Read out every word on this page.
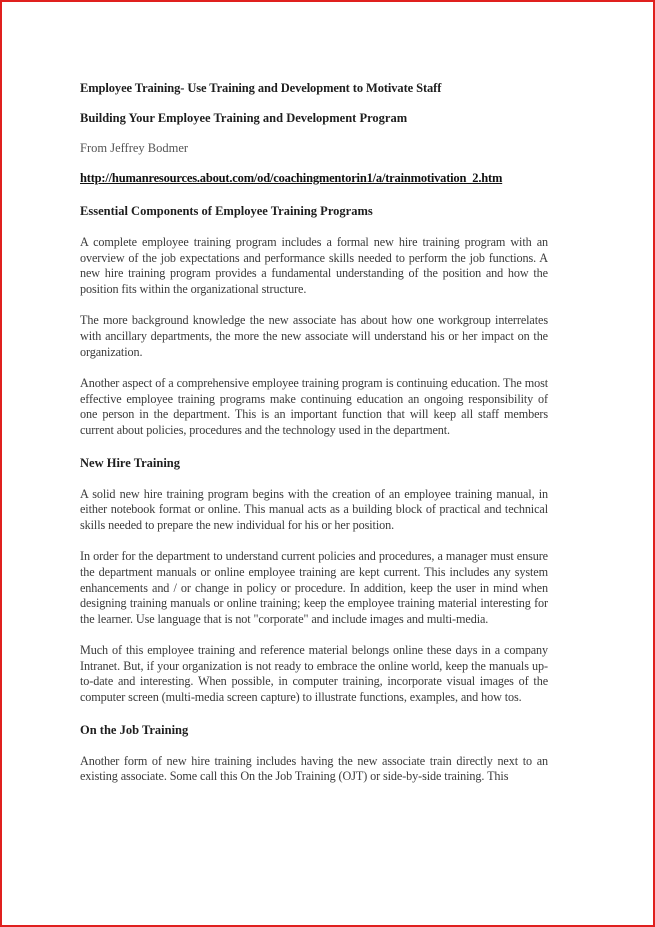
Employee Training- Use Training and Development to Motivate Staff
Building Your Employee Training and Development Program
From Jeffrey Bodmer
http://humanresources.about.com/od/coachingmentorin1/a/trainmotivation_2.htm
Essential Components of Employee Training Programs

A complete employee training program includes a formal new hire training program with an overview of the job expectations and performance skills needed to perform the job functions. A new hire training program provides a fundamental understanding of the position and how the position fits within the organizational structure.

The more background knowledge the new associate has about how one workgroup interrelates with ancillary departments, the more the new associate will understand his or her impact on the organization.

Another aspect of a comprehensive employee training program is continuing education. The most effective employee training programs make continuing education an ongoing responsibility of one person in the department. This is an important function that will keep all staff members current about policies, procedures and the technology used in the department.

New Hire Training

A solid new hire training program begins with the creation of an employee training manual, in either notebook format or online. This manual acts as a building block of practical and technical skills needed to prepare the new individual for his or her position.

In order for the department to understand current policies and procedures, a manager must ensure the department manuals or online employee training are kept current. This includes any system enhancements and / or change in policy or procedure. In addition, keep the user in mind when designing training manuals or online training; keep the employee training material interesting for the learner. Use language that is not "corporate" and include images and multi-media.

Much of this employee training and reference material belongs online these days in a company Intranet. But, if your organization is not ready to embrace the online world, keep the manuals up-to-date and interesting. When possible, in computer training, incorporate visual images of the computer screen (multi-media screen capture) to illustrate functions, examples, and how tos.

On the Job Training

Another form of new hire training includes having the new associate train directly next to an existing associate. Some call this On the Job Training (OJT) or side-by-side training. This
